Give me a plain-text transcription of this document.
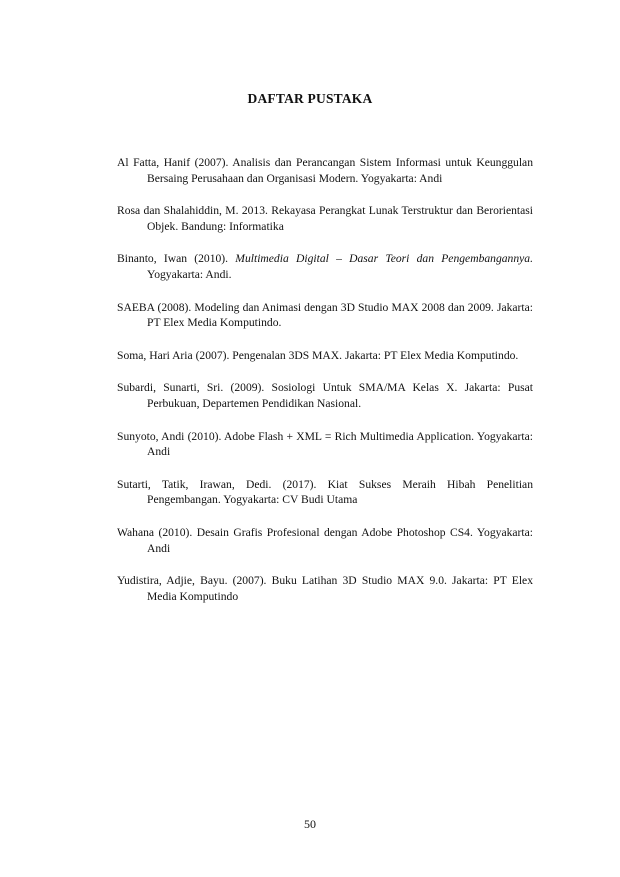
DAFTAR PUSTAKA

Al Fatta, Hanif (2007). Analisis dan Perancangan Sistem Informasi untuk Keunggulan Bersaing Perusahaan dan Organisasi Modern. Yogyakarta: Andi

Rosa dan Shalahiddin, M. 2013. Rekayasa Perangkat Lunak Terstruktur dan Berorientasi Objek. Bandung: Informatika

Binanto, Iwan (2010). Multimedia Digital – Dasar Teori dan Pengembangannya. Yogyakarta: Andi.

SAEBA (2008). Modeling dan Animasi dengan 3D Studio MAX 2008 dan 2009. Jakarta: PT Elex Media Komputindo.

Soma, Hari Aria (2007). Pengenalan 3DS MAX. Jakarta: PT Elex Media Komputindo.

Subardi, Sunarti, Sri. (2009). Sosiologi Untuk SMA/MA Kelas X. Jakarta: Pusat Perbukuan, Departemen Pendidikan Nasional.

Sunyoto, Andi (2010). Adobe Flash + XML = Rich Multimedia Application. Yogyakarta: Andi

Sutarti, Tatik, Irawan, Dedi. (2017). Kiat Sukses Meraih Hibah Penelitian Pengembangan. Yogyakarta: CV Budi Utama

Wahana (2010). Desain Grafis Profesional dengan Adobe Photoshop CS4. Yogyakarta: Andi

Yudistira, Adjie, Bayu. (2007). Buku Latihan 3D Studio MAX 9.0. Jakarta: PT Elex Media Komputindo

50
